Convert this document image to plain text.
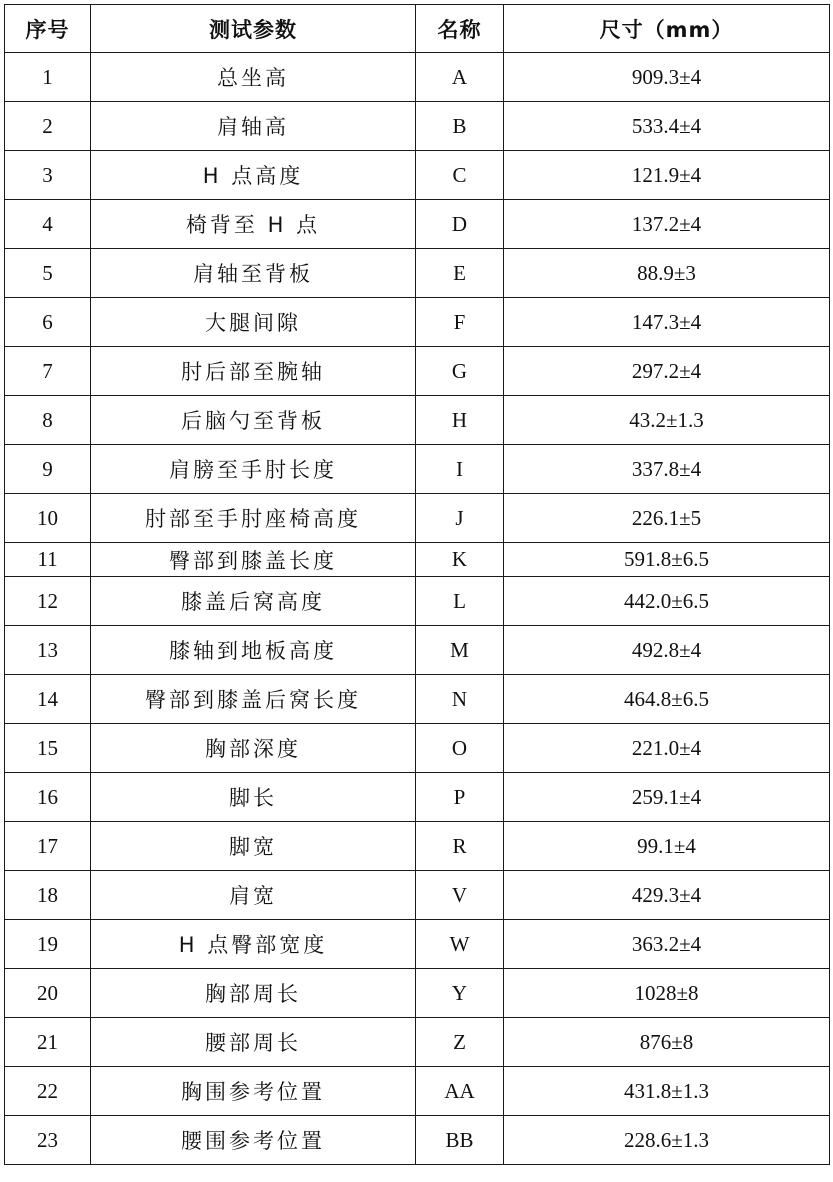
序号	测试参数	名称	尺寸（mm）
1	总坐高	A	909.3±4
2	肩轴高	B	533.4±4
3	H 点高度	C	121.9±4
4	椅背至 H 点	D	137.2±4
5	肩轴至背板	E	88.9±3
6	大腿间隙	F	147.3±4
7	肘后部至腕轴	G	297.2±4
8	后脑勺至背板	H	43.2±1.3
9	肩膀至手肘长度	I	337.8±4
10	肘部至手肘座椅高度	J	226.1±5
11	臀部到膝盖长度	K	591.8±6.5
12	膝盖后窝高度	L	442.0±6.5
13	膝轴到地板高度	M	492.8±4
14	臀部到膝盖后窝长度	N	464.8±6.5
15	胸部深度	O	221.0±4
16	脚长	P	259.1±4
17	脚宽	R	99.1±4
18	肩宽	V	429.3±4
19	H 点臀部宽度	W	363.2±4
20	胸部周长	Y	1028±8
21	腰部周长	Z	876±8
22	胸围参考位置	AA	431.8±1.3
23	腰围参考位置	BB	228.6±1.3
